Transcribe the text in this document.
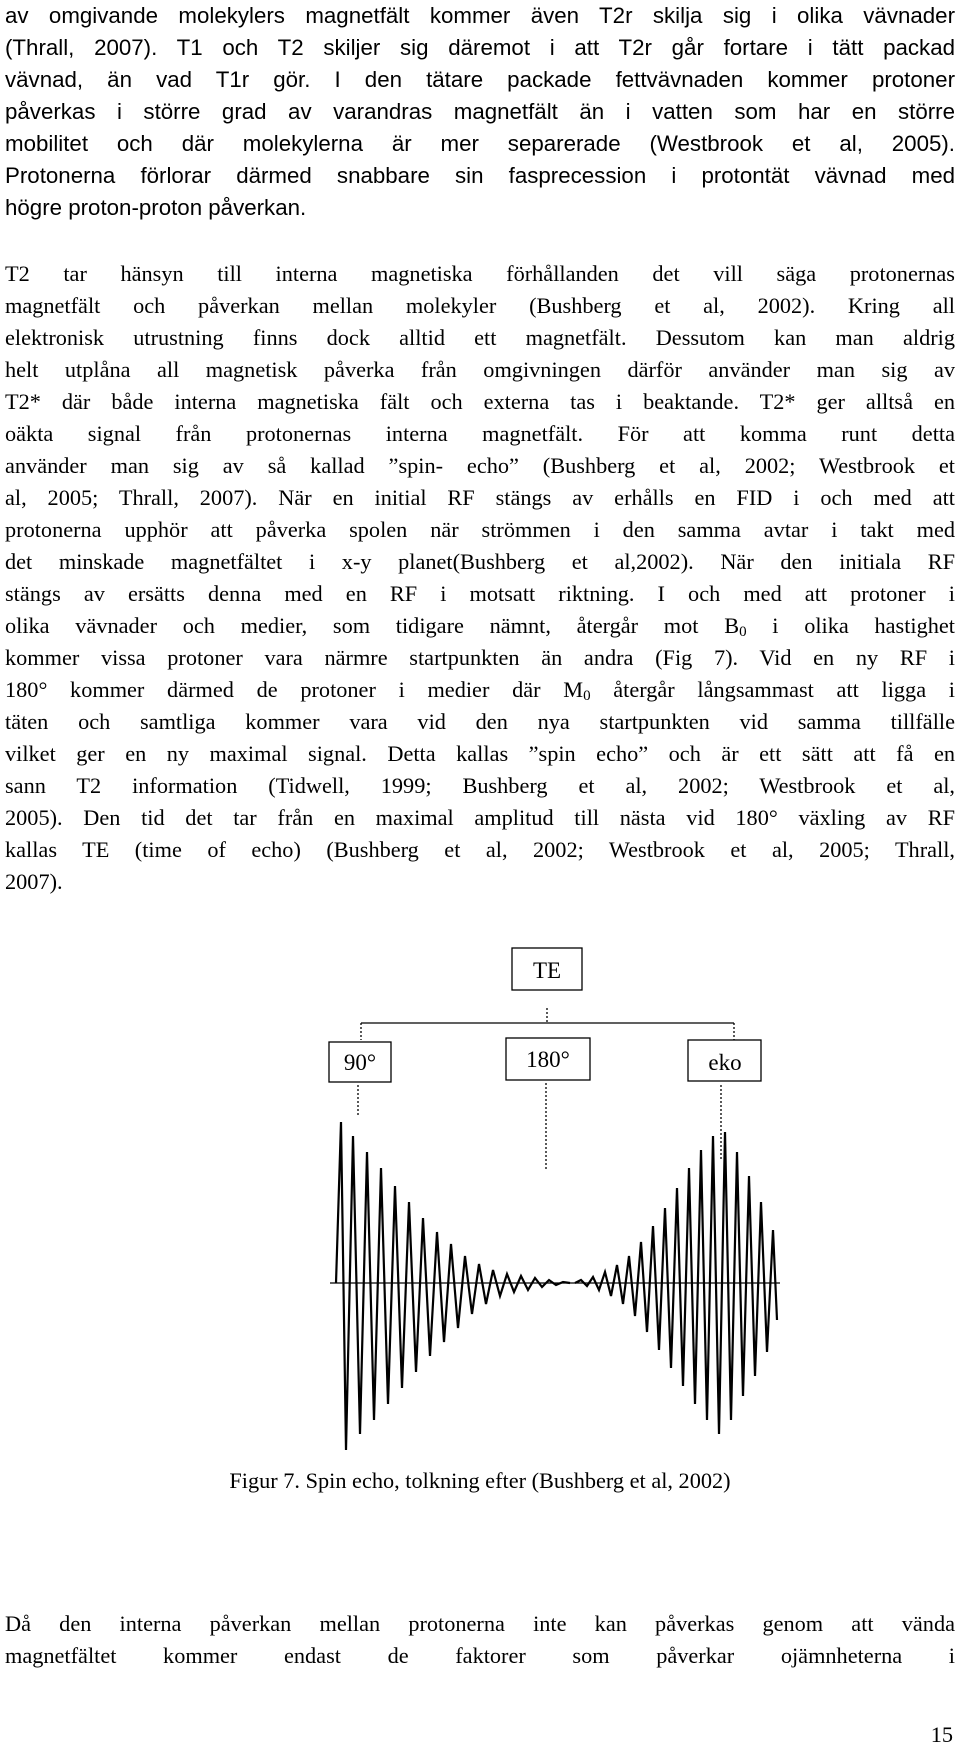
av omgivande molekylers magnetfält kommer även T2r skilja sig i olika vävnader
(Thrall, 2007). T1 och T2 skiljer sig däremot i att T2r går fortare i tätt packad
vävnad, än vad T1r gör. I den tätare packade fettvävnaden kommer protoner
påverkas i större grad av varandras magnetfält än i vatten som har en större
mobilitet och där molekylerna är mer separerade (Westbrook et al, 2005).
Protonerna förlorar därmed snabbare sin fasprecession i protontät vävnad med
högre proton-proton påverkan.
T2 tar hänsyn till interna magnetiska förhållanden det vill säga protonernas
magnetfält och påverkan mellan molekyler (Bushberg et al, 2002). Kring all
elektronisk utrustning finns dock alltid ett magnetfält. Dessutom kan man aldrig
helt utplåna all magnetisk påverka från omgivningen därför använder man sig av
T2* där både interna magnetiska fält och externa tas i beaktande. T2* ger alltså en
oäkta signal från protonernas interna magnetfält. För att komma runt detta
använder man sig av så kallad ”spin- echo” (Bushberg et al, 2002; Westbrook et
al, 2005; Thrall, 2007). När en initial RF stängs av erhålls en FID i och med att
protonerna upphör att påverka spolen när strömmen i den samma avtar i takt med
det minskade magnetfältet i x-y planet(Bushberg et al,2002). När den initiala RF
stängs av ersätts denna med en RF i motsatt riktning. I och med att protoner i
olika vävnader och medier, som tidigare nämnt, återgår mot $B_0$ i olika hastighet
kommer vissa protoner vara närmre startpunkten än andra (Fig 7). Vid en ny RF i
180° kommer därmed de protoner i medier där $M_0$ återgår långsammast att ligga i
täten och samtliga kommer vara vid den nya startpunkten vid samma tillfälle
vilket ger en ny maximal signal. Detta kallas ”spin echo” och är ett sätt att få en
sann T2 information (Tidwell, 1999; Bushberg et al, 2002; Westbrook et al,
2005). Den tid det tar från en maximal amplitud till nästa vid 180° växling av RF
kallas TE (time of echo) (Bushberg et al, 2002; Westbrook et al, 2005; Thrall,
2007).
TE
90°	180°	eko
Figur 7. Spin echo, tolkning efter (Bushberg et al, 2002)
Då den interna påverkan mellan protonerna inte kan påverkas genom att vända
magnetfältet kommer endast de faktorer som påverkar ojämnheterna i
15
